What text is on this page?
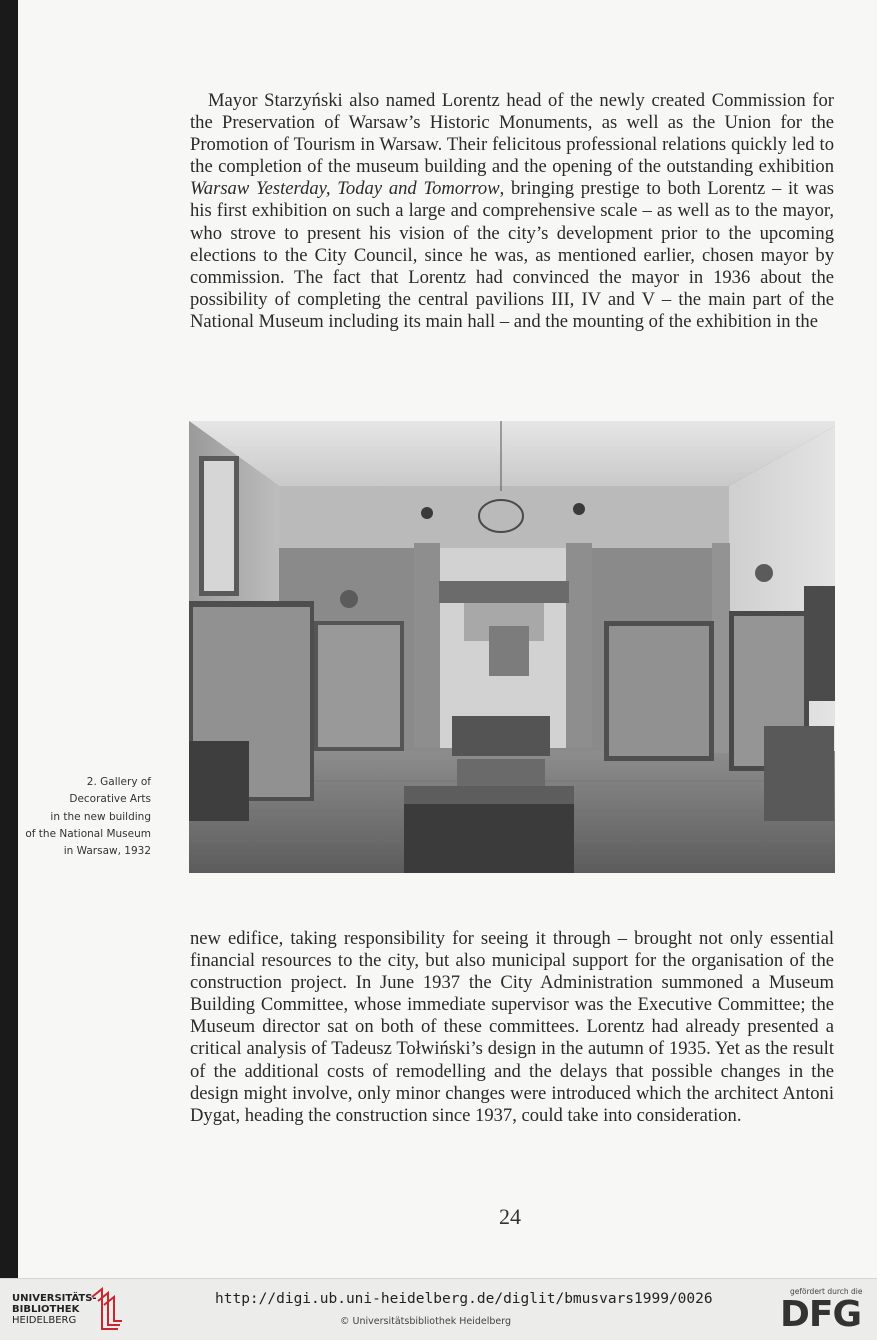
Mayor Starzyński also named Lorentz head of the newly created Commission for the Preservation of Warsaw’s Historic Monuments, as well as the Union for the Promotion of Tourism in Warsaw. Their felicitous professional relations quickly led to the completion of the museum building and the opening of the outstanding exhibition Warsaw Yesterday, Today and Tomorrow, bringing prestige to both Lorentz – it was his first exhibition on such a large and comprehensive scale – as well as to the mayor, who strove to present his vision of the city’s development prior to the upcoming elections to the City Council, since he was, as mentioned earlier, chosen mayor by commission. The fact that Lorentz had convinced the mayor in 1936 about the possibility of completing the central pavilions III, IV and V – the main part of the National Museum including its main hall – and the mounting of the exhibition in the

2. Gallery of
Decorative Arts
in the new building
of the National Museum
in Warsaw, 1932

new edifice, taking responsibility for seeing it through – brought not only essential financial resources to the city, but also municipal support for the organisation of the construction project. In June 1937 the City Administration summoned a Museum Building Committee, whose immediate supervisor was the Executive Committee; the Museum director sat on both of these committees. Lorentz had already presented a critical analysis of Tadeusz Tołwiński’s design in the autumn of 1935. Yet as the result of the additional costs of remodelling and the delays that possible changes in the design might involve, only minor changes were introduced which the architect Antoni Dygat, heading the construction since 1937, could take into consideration.

24
UNIVERSITÄTS-
BIBLIOTHEK
HEIDELBERG
http://digi.ub.uni-heidelberg.de/diglit/bmusvars1999/0026
© Universitätsbibliothek Heidelberg
gefördert durch die
DFG
